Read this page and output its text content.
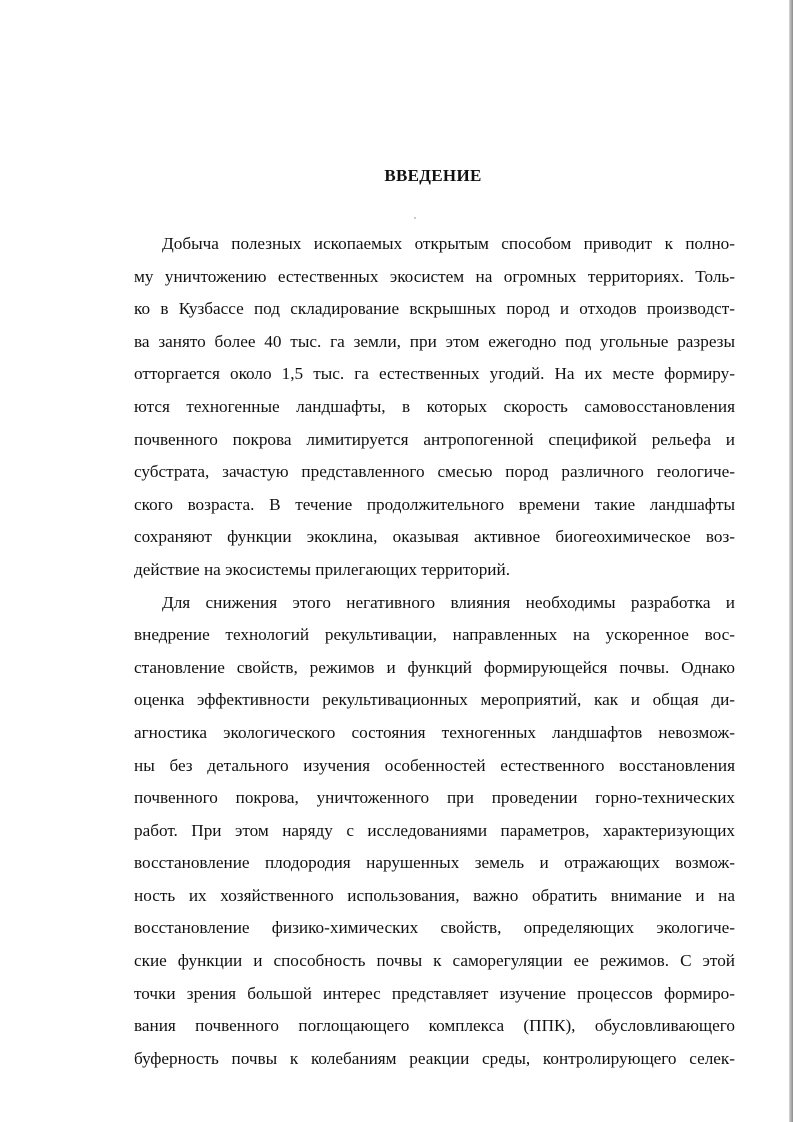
ВВЕДЕНИЕ
Добыча полезных ископаемых открытым способом приводит к полно-
му уничтожению естественных экосистем на огромных территориях. Толь-
ко в Кузбассе под складирование вскрышных пород и отходов производст-
ва занято более 40 тыс. га земли, при этом ежегодно под угольные разрезы
отторгается около 1,5 тыс. га естественных угодий. На их месте формиру-
ются техногенные ландшафты, в которых скорость самовосстановления
почвенного покрова лимитируется антропогенной спецификой рельефа и
субстрата, зачастую представленного смесью пород различного геологиче-
ского возраста. В течение продолжительного времени такие ландшафты
сохраняют функции экоклина, оказывая активное биогеохимическое воз-
действие на экосистемы прилегающих территорий.
Для снижения этого негативного влияния необходимы разработка и
внедрение технологий рекультивации, направленных на ускоренное вос-
становление свойств, режимов и функций формирующейся почвы. Однако
оценка эффективности рекультивационных мероприятий, как и общая ди-
агностика экологического состояния техногенных ландшафтов невозмож-
ны без детального изучения особенностей естественного восстановления
почвенного покрова, уничтоженного при проведении горно-технических
работ. При этом наряду с исследованиями параметров, характеризующих
восстановление плодородия нарушенных земель и отражающих возмож-
ность их хозяйственного использования, важно обратить внимание и на
восстановление физико-химических свойств, определяющих экологиче-
ские функции и способность почвы к саморегуляции ее режимов. С этой
точки зрения большой интерес представляет изучение процессов формиро-
вания почвенного поглощающего комплекса (ППК), обусловливающего
буферность почвы к колебаниям реакции среды, контролирующего селек-
